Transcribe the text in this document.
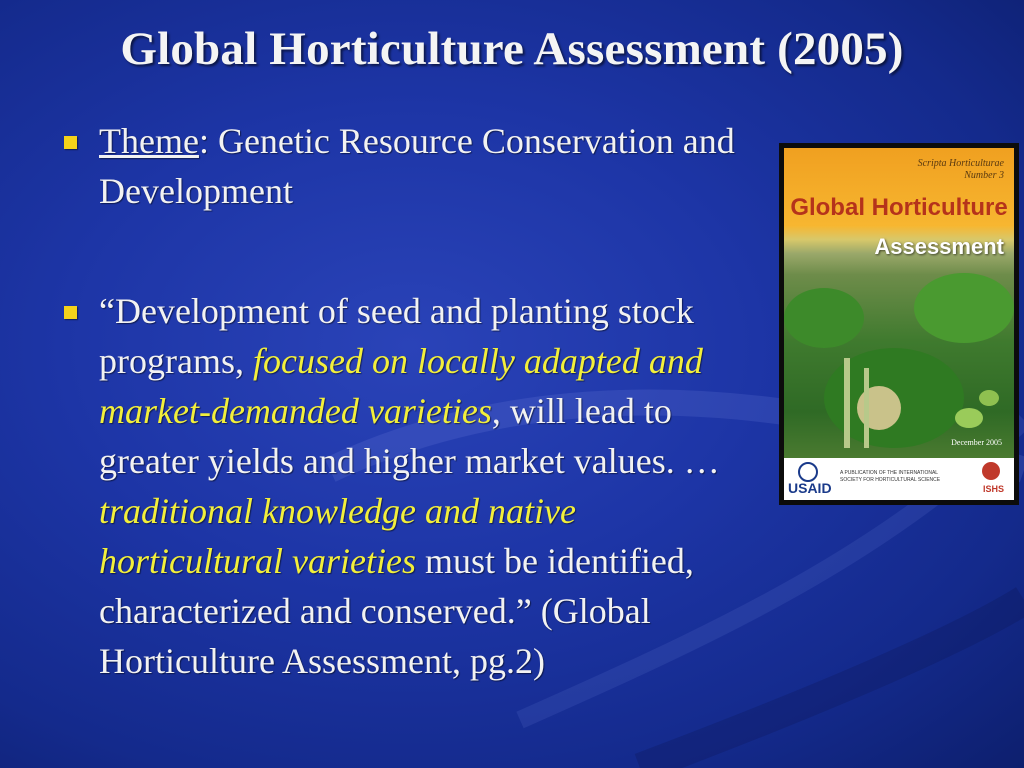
Global Horticulture Assessment (2005)
Theme: Genetic Resource Conservation and Development
“Development of seed and planting stock programs, focused on locally adapted and market-demanded varieties, will lead to greater yields and higher market values. … traditional knowledge and native horticultural varieties must be identified, characterized and conserved.” (Global Horticulture Assessment, pg.2)
Scripta Horticulturae
Number 3
Global Horticulture
Assessment
December 2005
USAID
A PUBLICATION OF THE INTERNATIONAL SOCIETY FOR HORTICULTURAL SCIENCE
ISHS
